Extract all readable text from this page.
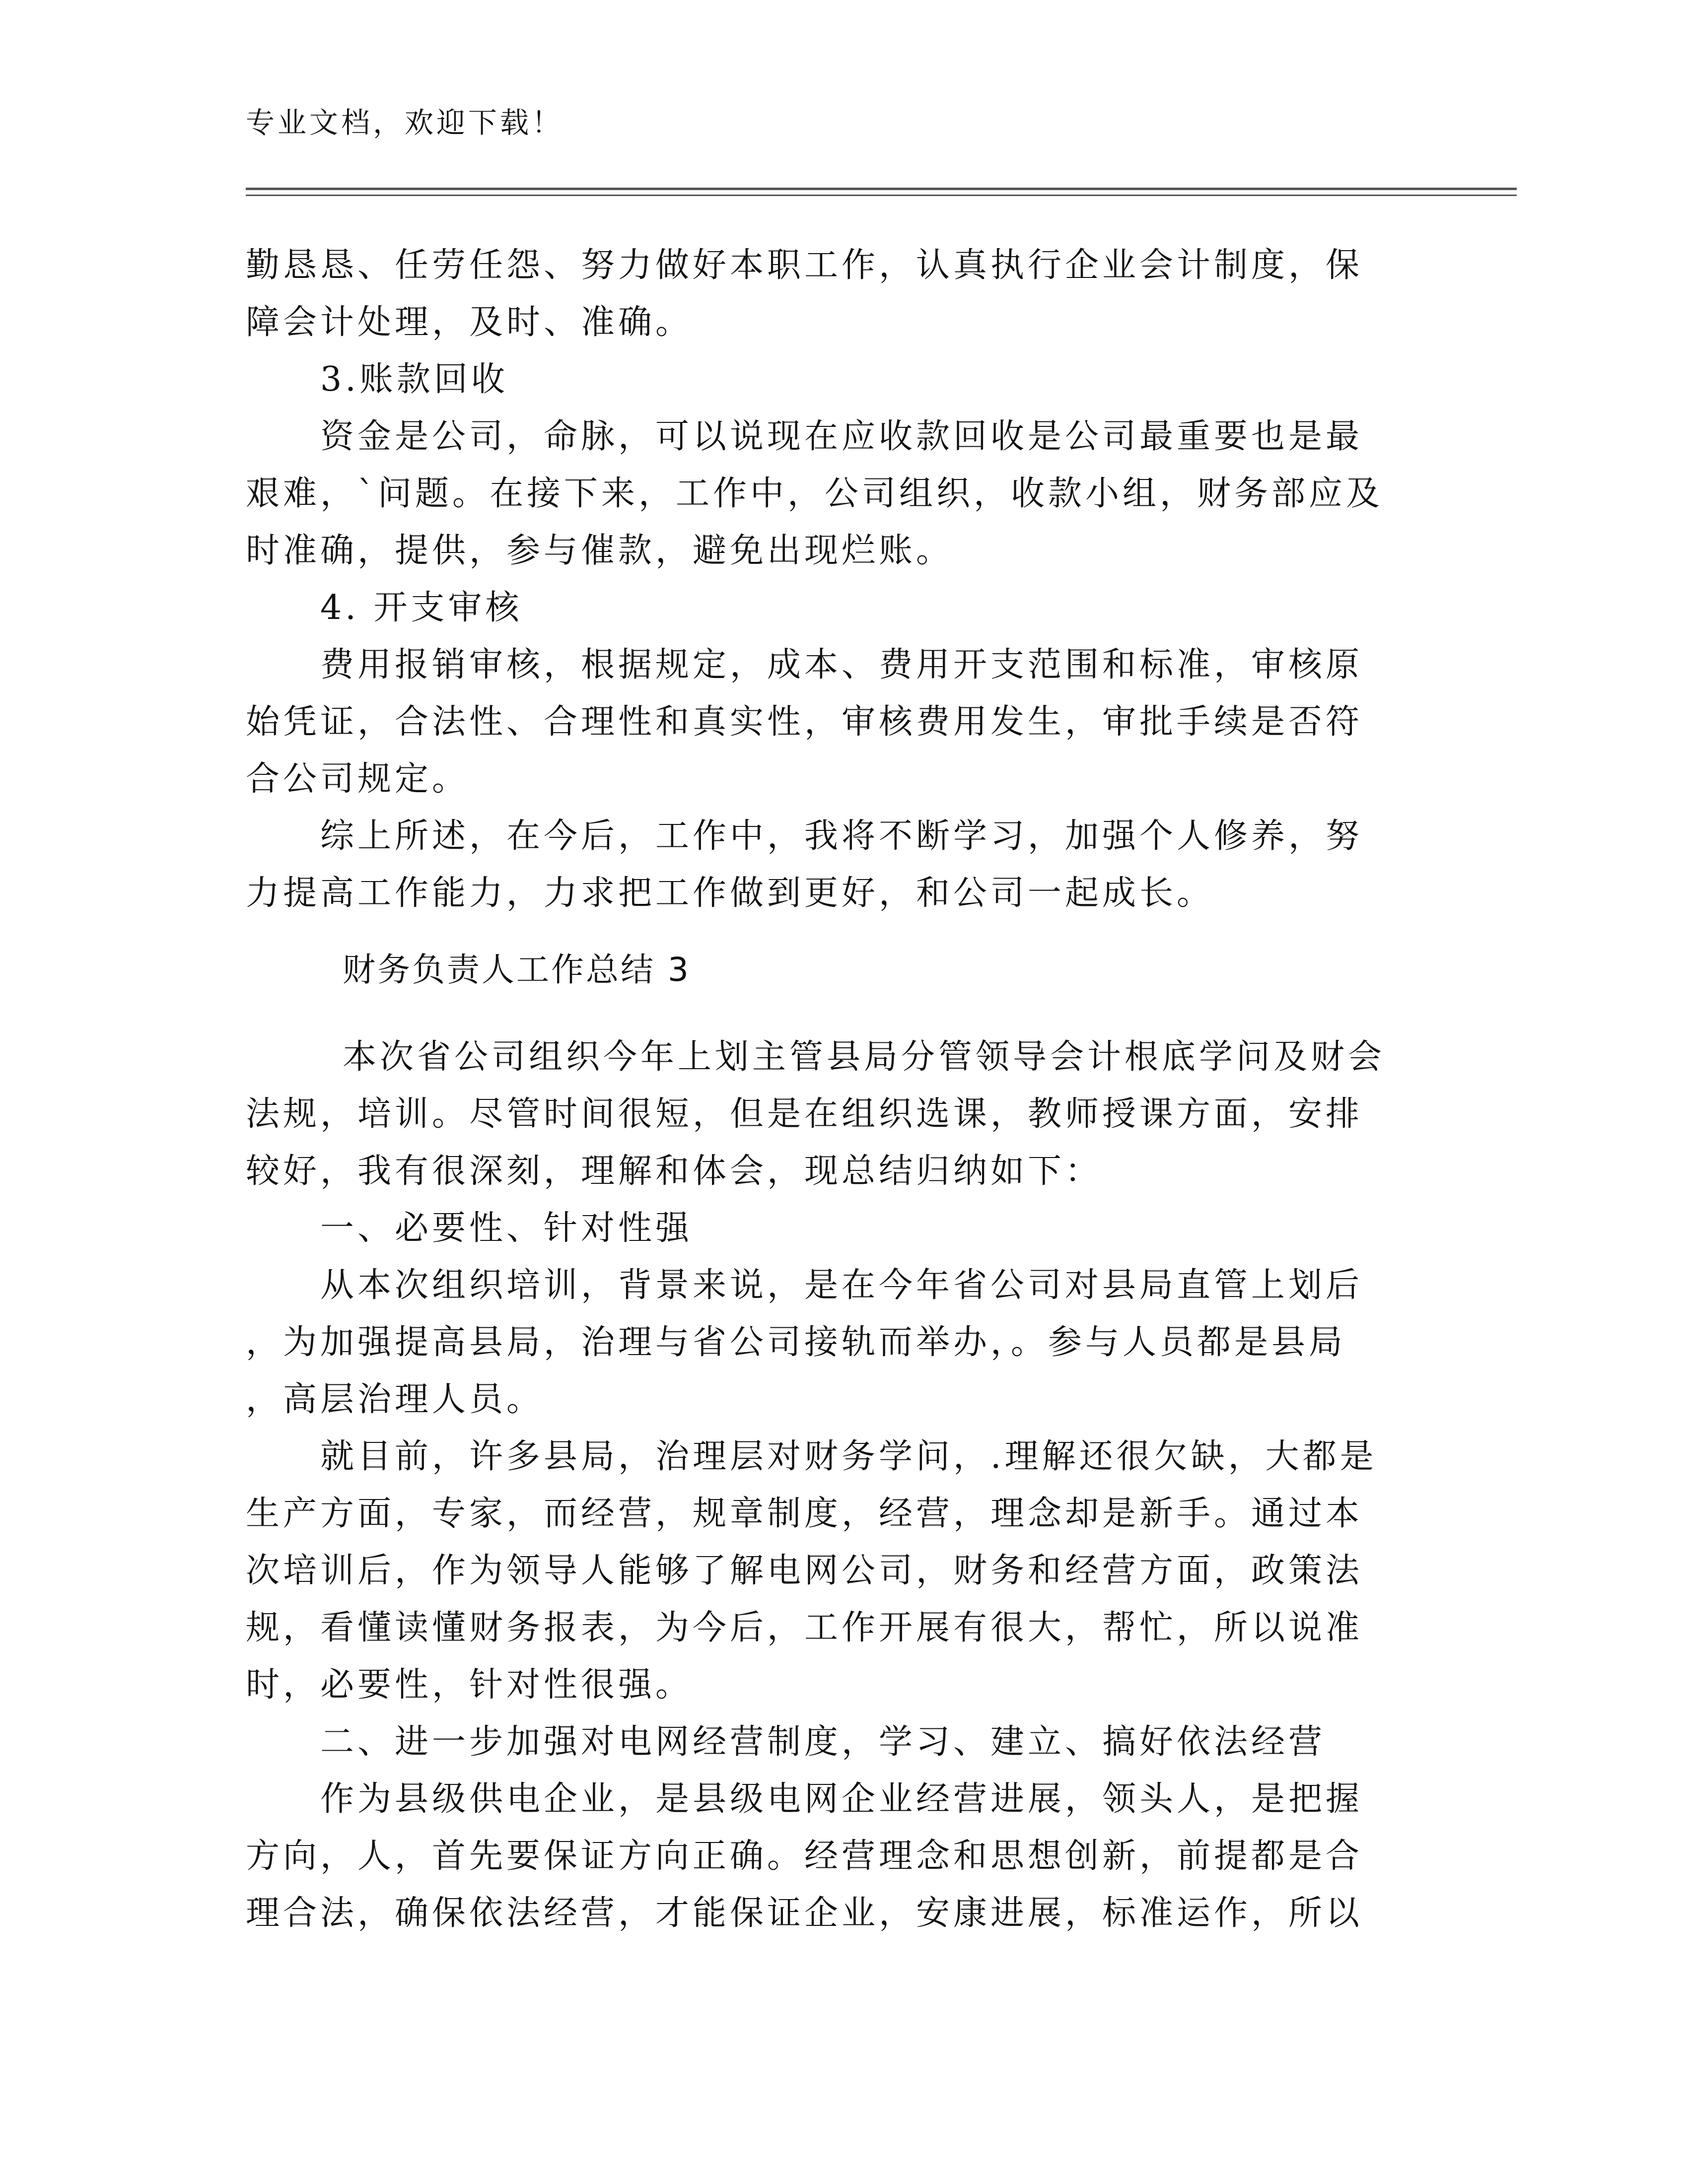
专业文档，欢迎下载！
勤恳恳、任劳任怨、努力做好本职工作，认真执行企业会计制度，保
障会计处理，及时、准确。
3.账款回收
资金是公司，命脉，可以说现在应收款回收是公司最重要也是最
艰难，`问题。在接下来，工作中，公司组织，收款小组，财务部应及
时准确，提供，参与催款，避免出现烂账。
4. 开支审核
费用报销审核，根据规定，成本、费用开支范围和标准，审核原
始凭证，合法性、合理性和真实性，审核费用发生，审批手续是否符
合公司规定。
综上所述，在今后，工作中，我将不断学习，加强个人修养，努
力提高工作能力，力求把工作做到更好，和公司一起成长。
财务负责人工作总结 3
本次省公司组织今年上划主管县局分管领导会计根底学问及财会
法规，培训。尽管时间很短，但是在组织选课，教师授课方面，安排
较好，我有很深刻，理解和体会，现总结归纳如下：
一、必要性、针对性强
从本次组织培训，背景来说，是在今年省公司对县局直管上划后
，为加强提高县局，治理与省公司接轨而举办，。参与人员都是县局
，高层治理人员。
就目前，许多县局，治理层对财务学问，.理解还很欠缺，大都是
生产方面，专家，而经营，规章制度，经营，理念却是新手。通过本
次培训后，作为领导人能够了解电网公司，财务和经营方面，政策法
规，看懂读懂财务报表，为今后，工作开展有很大，帮忙，所以说准
时，必要性，针对性很强。
二、进一步加强对电网经营制度，学习、建立、搞好依法经营
作为县级供电企业，是县级电网企业经营进展，领头人，是把握
方向，人，首先要保证方向正确。经营理念和思想创新，前提都是合
理合法，确保依法经营，才能保证企业，安康进展，标准运作，所以
